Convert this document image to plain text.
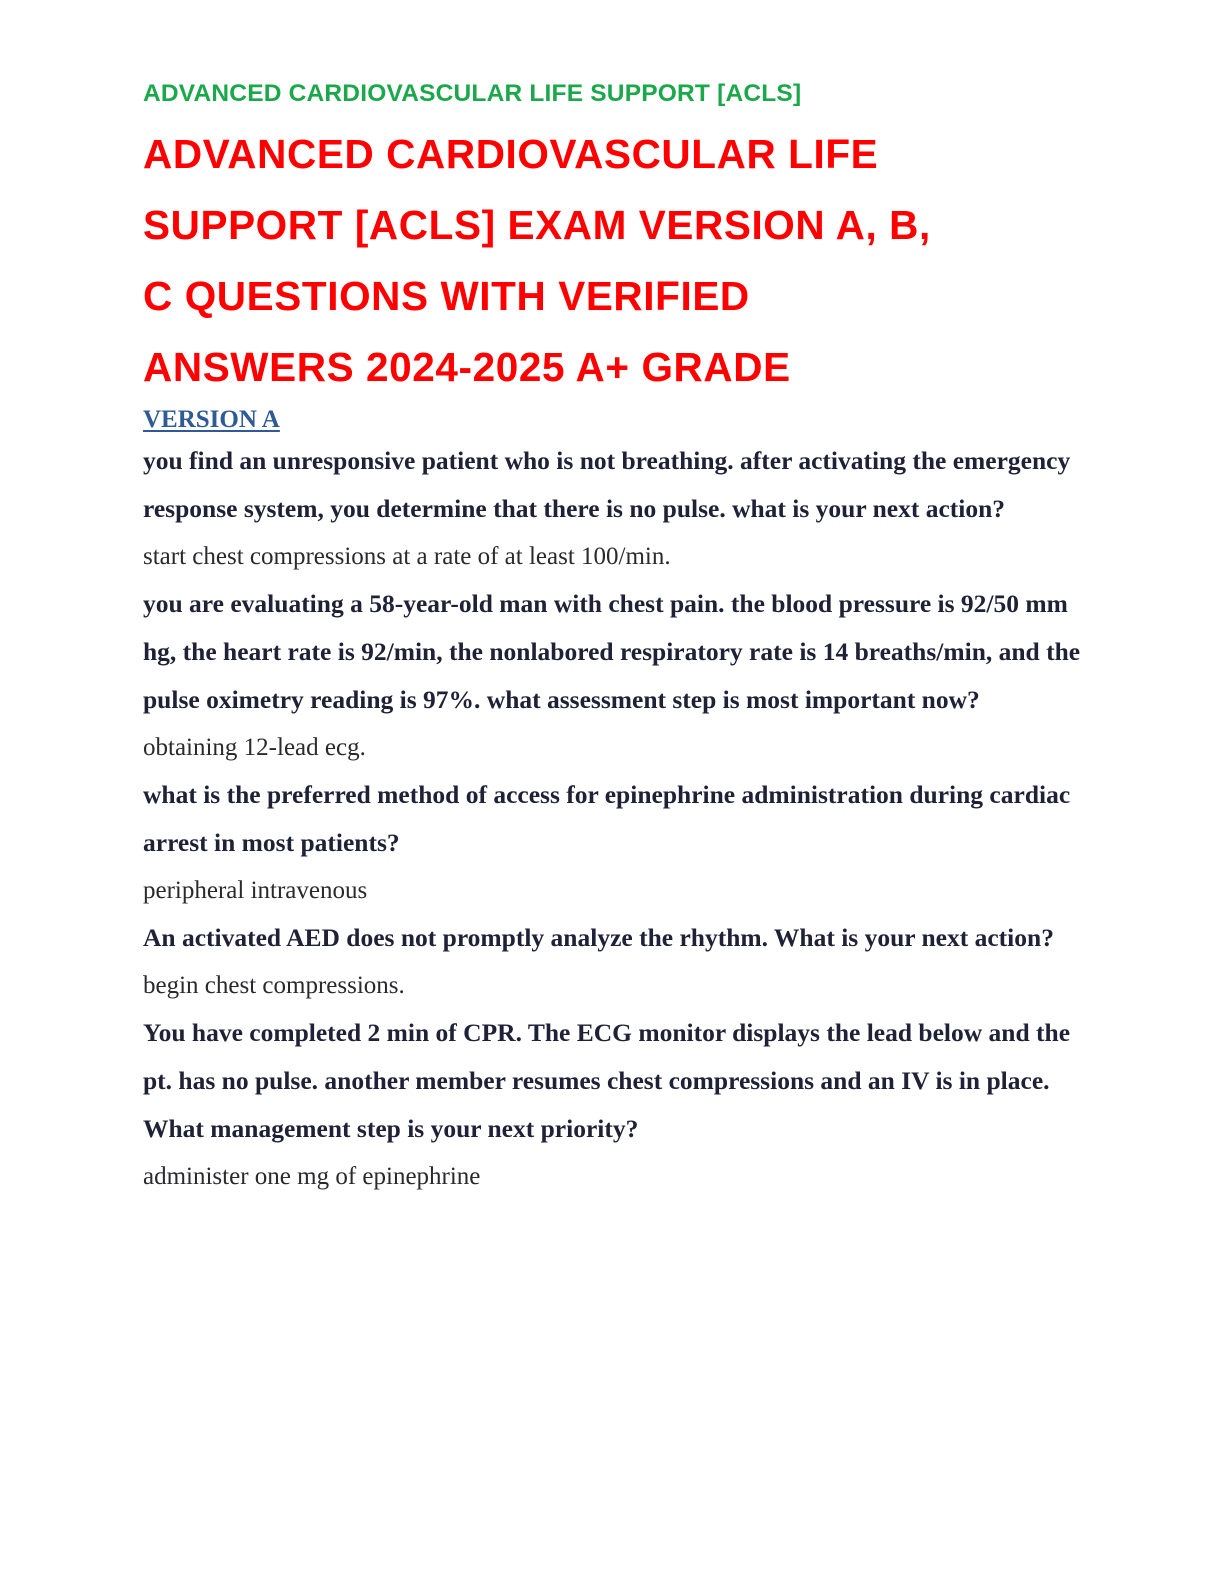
ADVANCED CARDIOVASCULAR LIFE SUPPORT [ACLS]

ADVANCED CARDIOVASCULAR LIFE
SUPPORT [ACLS] EXAM VERSION A, B,
C QUESTIONS WITH VERIFIED
ANSWERS 2024-2025 A+ GRADE
VERSION A

you find an unresponsive patient who is not breathing. after activating the emergency response system, you determine that there is no pulse. what is your next action?

start chest compressions at a rate of at least 100/min.

you are evaluating a 58-year-old man with chest pain. the blood pressure is 92/50 mm hg, the heart rate is 92/min, the nonlabored respiratory rate is 14 breaths/min, and the pulse oximetry reading is 97%. what assessment step is most important now?

obtaining 12-lead ecg.

what is the preferred method of access for epinephrine administration during cardiac arrest in most patients?

peripheral intravenous

An activated AED does not promptly analyze the rhythm. What is your next action?

begin chest compressions.

You have completed 2 min of CPR. The ECG monitor displays the lead below and the pt. has no pulse. another member resumes chest compressions and an IV is in place. What management step is your next priority?

administer one mg of epinephrine
